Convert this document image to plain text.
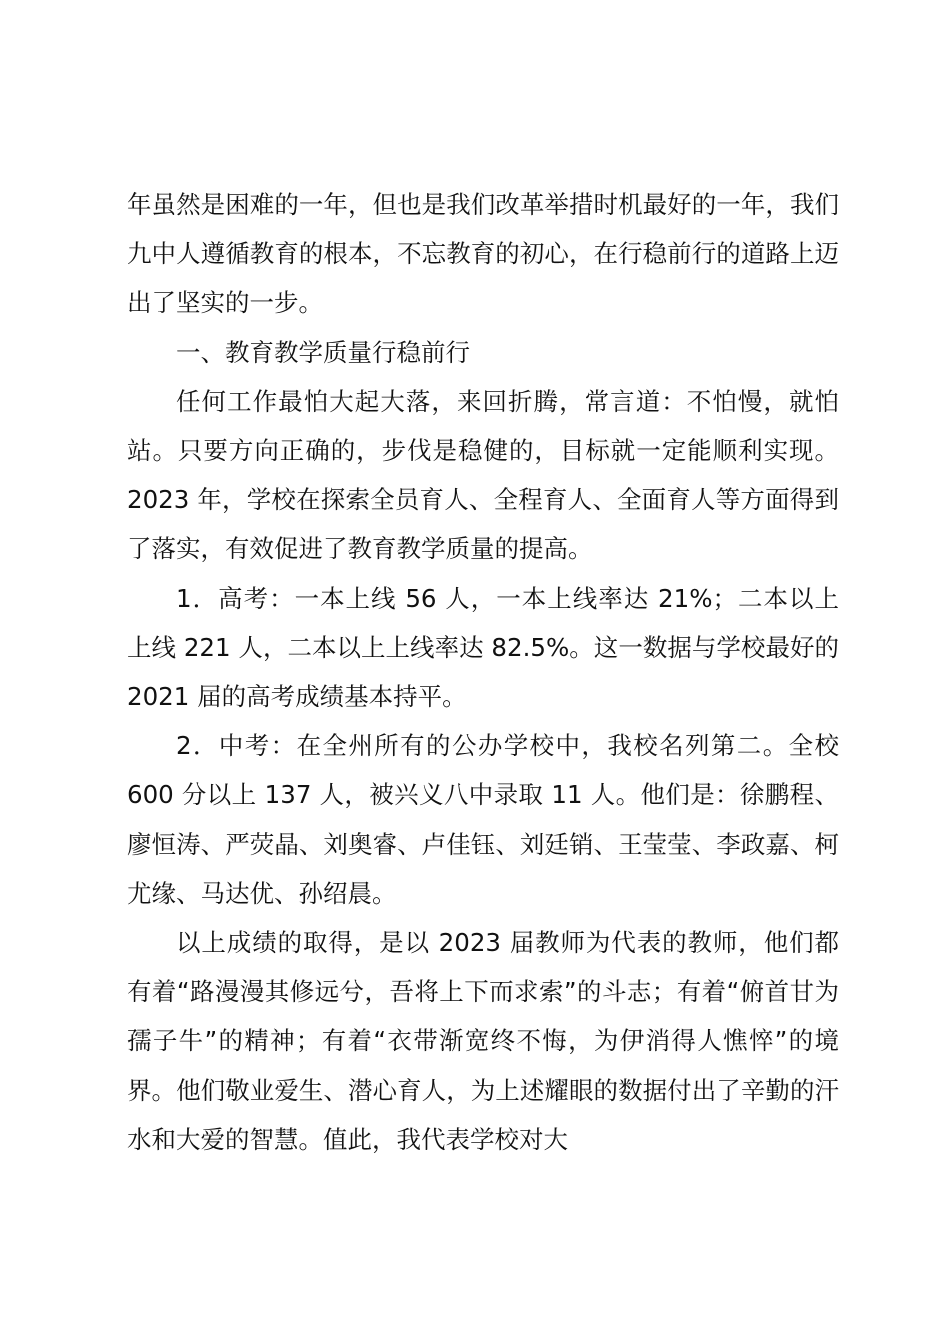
年虽然是困难的一年，但也是我们改革举措时机最好的一年，我们九中人遵循教育的根本，不忘教育的初心，在行稳前行的道路上迈出了坚实的一步。

一、教育教学质量行稳前行

任何工作最怕大起大落，来回折腾，常言道：不怕慢，就怕站。只要方向正确的，步伐是稳健的，目标就一定能顺利实现。2023 年，学校在探索全员育人、全程育人、全面育人等方面得到了落实，有效促进了教育教学质量的提高。

1．高考：一本上线 56 人，一本上线率达 21%；二本以上上线 221 人，二本以上上线率达 82.5%。这一数据与学校最好的 2021 届的高考成绩基本持平。

2．中考：在全州所有的公办学校中，我校名列第二。全校 600 分以上 137 人，被兴义八中录取 11 人。他们是：徐鹏程、廖恒涛、严荧晶、刘奥睿、卢佳钰、刘廷销、王莹莹、李政嘉、柯尤缘、马达优、孙绍晨。

以上成绩的取得，是以 2023 届教师为代表的教师，他们都有着“路漫漫其修远兮，吾将上下而求索”的斗志；有着“俯首甘为孺子牛”的精神；有着“衣带渐宽终不悔，为伊消得人憔悴”的境界。他们敬业爱生、潜心育人，为上述耀眼的数据付出了辛勤的汗水和大爱的智慧。值此，我代表学校对大
